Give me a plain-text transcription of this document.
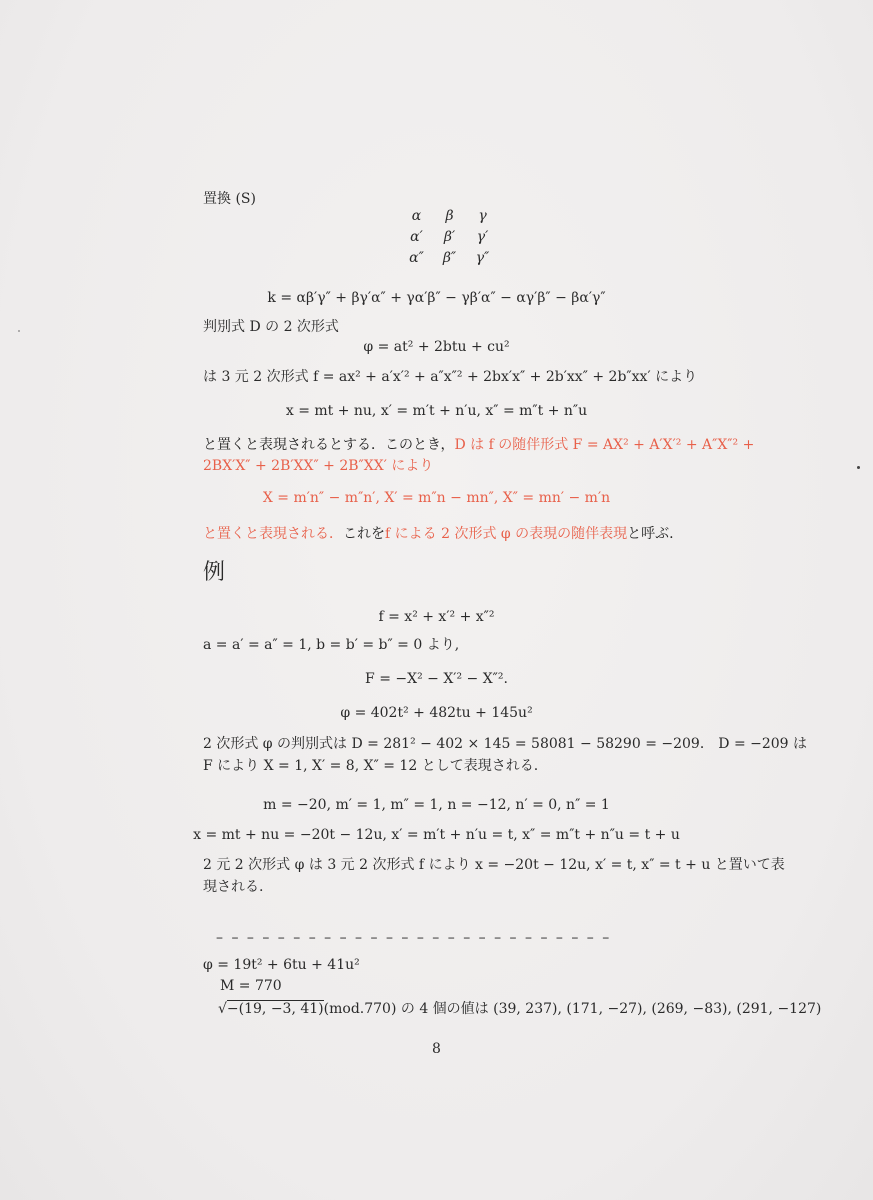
置換 (S)
α	β	γ
α′	β′	γ′
α″	β″	γ″
k = αβ′γ″ + βγ′α″ + γα′β″ − γβ′α″ − αγ′β″ − βα′γ″
判別式 D の 2 次形式
φ = at² + 2btu + cu²
は 3 元 2 次形式 f = ax² + a′x′² + a″x″² + 2bx′x″ + 2b′xx″ + 2b″xx′ により
x = mt + nu, x′ = m′t + n′u, x″ = m″t + n″u
と置くと表現されるとする．このとき，D は f の随伴形式 F = AX² + A′X′² + A″X″² +
2BX′X″ + 2B′XX″ + 2B″XX′ により
X = m′n″ − m″n′, X′ = m″n − mn″, X″ = mn′ − m′n
と置くと表現される．これをf による 2 次形式 φ の表現の随伴表現と呼ぶ.
例
f = x² + x′² + x″²
a = a′ = a″ = 1, b = b′ = b″ = 0 より,
F = −X² − X′² − X″².
φ = 402t² + 482tu + 145u²
2 次形式 φ の判別式は D = 281² − 402 × 145 = 58081 − 58290 = −209． D = −209 は
F により X = 1, X′ = 8, X″ = 12 として表現される.
m = −20, m′ = 1, m″ = 1, n = −12, n′ = 0, n″ = 1
x = mt + nu = −20t − 12u, x′ = m′t + n′u = t, x″ = m″t + n″u = t + u
2 元 2 次形式 φ は 3 元 2 次形式 f により x = −20t − 12u, x′ = t, x″ = t + u と置いて表
現される.
– – – – – – – – – – – – – – – – – – – – – – – – – –
φ = 19t² + 6tu + 41u²
M = 770
√−(19, −3, 41)(mod.770) の 4 個の値は (39, 237), (171, −27), (269, −83), (291, −127)
8
